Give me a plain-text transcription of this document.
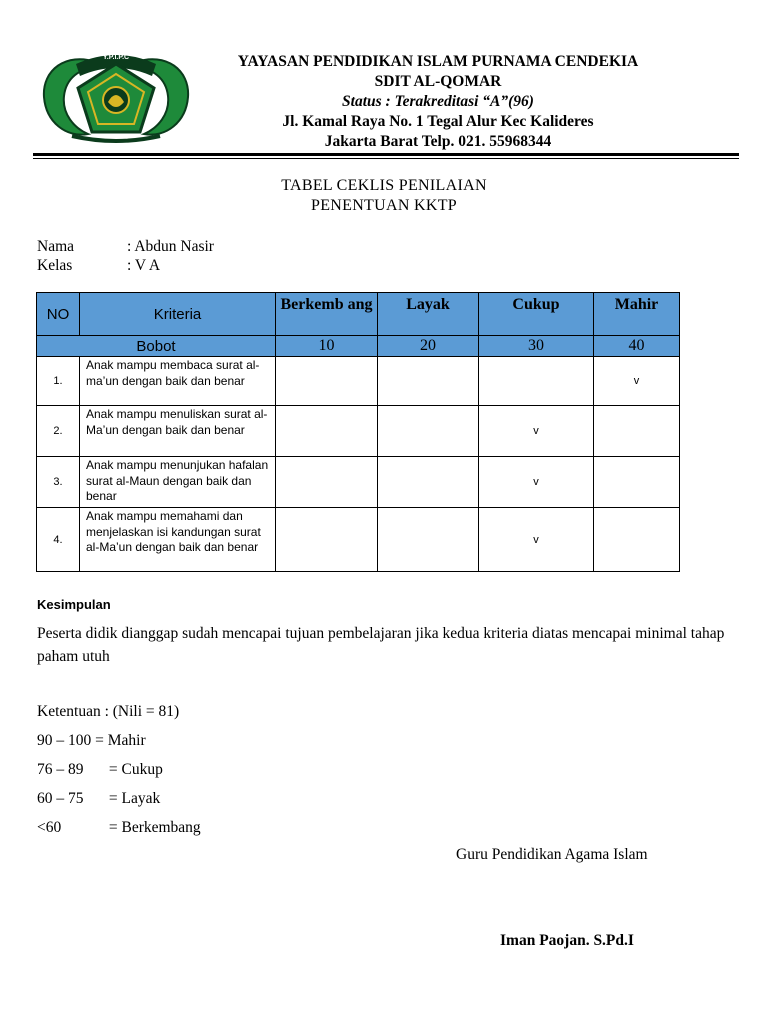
Y.P.I.P.C	YAYASAN PENDIDIKAN ISLAM PURNAMA CENDEKIA
SDIT AL-QOMAR
Status : Terakreditasi “A”(96)
Jl. Kamal Raya No. 1 Tegal Alur Kec Kalideres
Jakarta Barat Telp. 021. 55968344
TABEL CEKLIS PENILAIAN
PENENTUAN KKTP
Nama	: Abdun Nasir
Kelas	: V A
NO	Kriteria	Berkemb ang	Layak	Cukup	Mahir
Bobot		10	20	30	40
1.	Anak mampu membaca surat al-ma’un dengan baik dan benar				v
2.	Anak mampu menuliskan surat al-Ma’un dengan baik dan benar			v	
3.	Anak mampu menunjukan hafalan surat al-Maun dengan baik dan benar			v	
4.	Anak mampu memahami dan menjelaskan isi kandungan surat al-Ma’un dengan baik dan benar			v	
Kesimpulan
Peserta didik dianggap sudah mencapai tujuan pembelajaran jika kedua kriteria diatas mencapai minimal tahap paham utuh
Ketentuan : (Nili = 81)
90 – 100 = Mahir
76 – 89 = Cukup
60 – 75 = Layak
<60	= Berkembang
Guru Pendidikan Agama Islam
Iman Paojan. S.Pd.I
